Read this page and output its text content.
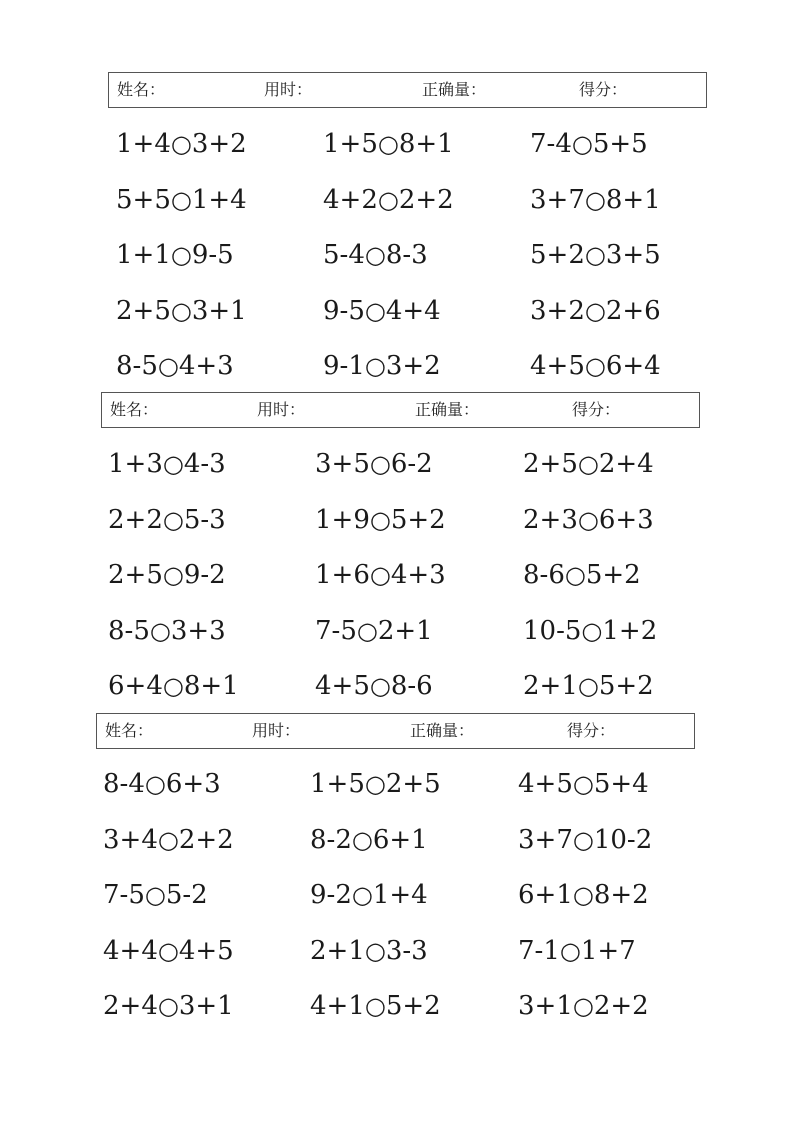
姓名：	用时：	正确量：	得分：
1+4○3+2	1+5○8+1	7-4○5+5
5+5○1+4	4+2○2+2	3+7○8+1
1+1○9-5	5-4○8-3	5+2○3+5
2+5○3+1	9-5○4+4	3+2○2+6
8-5○4+3	9-1○3+2	4+5○6+4
姓名：	用时：	正确量：	得分：
1+3○4-3	3+5○6-2	2+5○2+4
2+2○5-3	1+9○5+2	2+3○6+3
2+5○9-2	1+6○4+3	8-6○5+2
8-5○3+3	7-5○2+1	10-5○1+2
6+4○8+1	4+5○8-6	2+1○5+2
姓名：	用时：	正确量：	得分：
8-4○6+3	1+5○2+5	4+5○5+4
3+4○2+2	8-2○6+1	3+7○10-2
7-5○5-2	9-2○1+4	6+1○8+2
4+4○4+5	2+1○3-3	7-1○1+7
2+4○3+1	4+1○5+2	3+1○2+2
